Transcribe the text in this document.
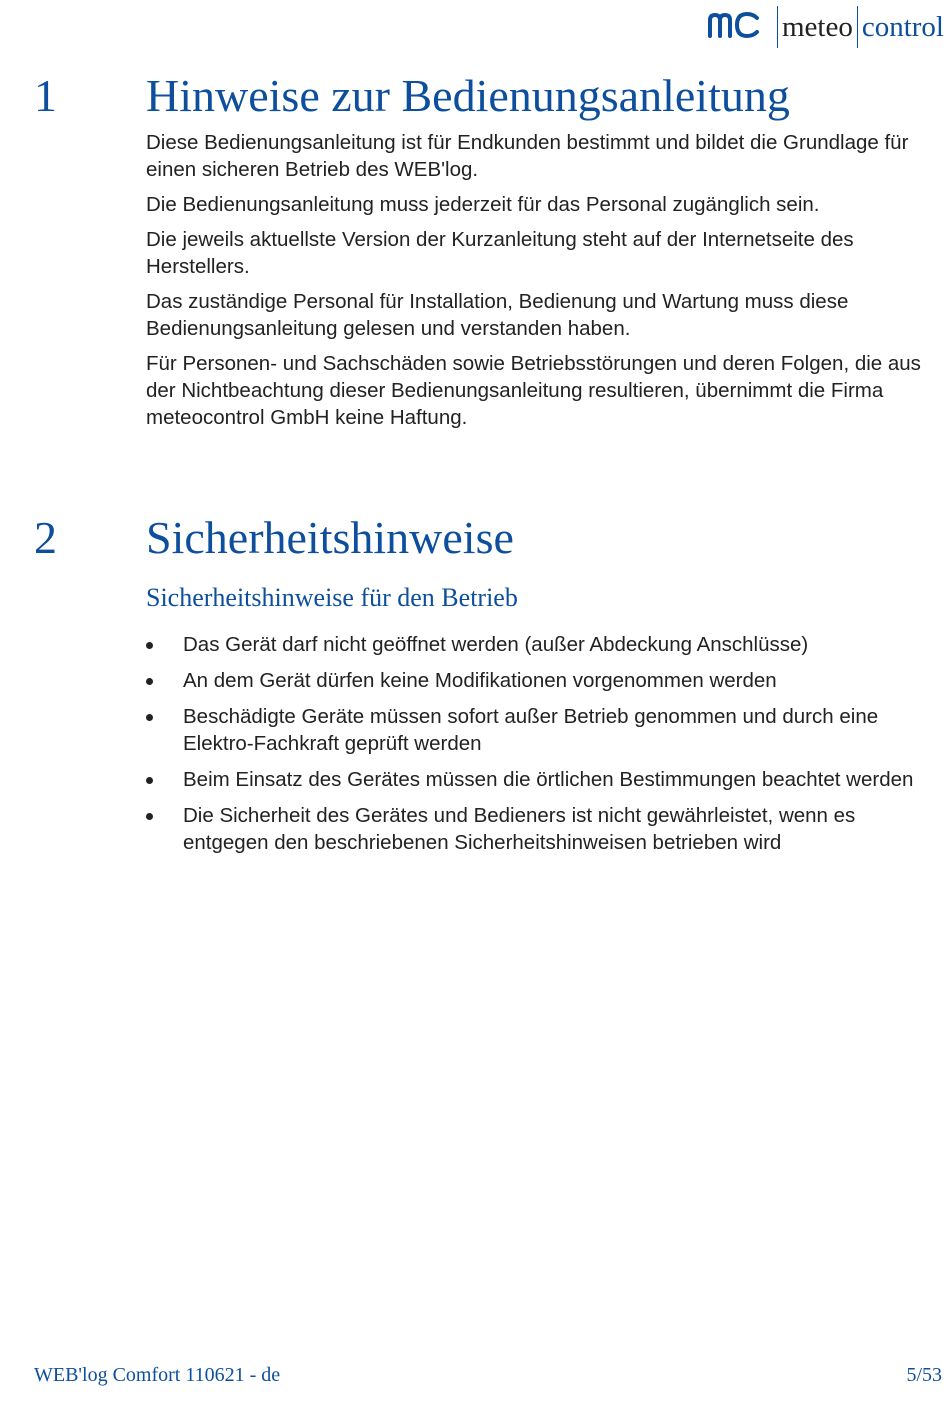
meteo control
1 Hinweise zur Bedienungsanleitung

Diese Bedienungsanleitung ist für Endkunden bestimmt und bildet die Grundlage für einen sicheren Betrieb des WEB'log.

Die Bedienungsanleitung muss jederzeit für das Personal zugänglich sein.

Die jeweils aktuellste Version der Kurzanleitung steht auf der Internetseite des Herstellers.

Das zuständige Personal für Installation, Bedienung und Wartung muss diese Bedienungsanleitung gelesen und verstanden haben.

Für Personen- und Sachschäden sowie Betriebsstörungen und deren Folgen, die aus der Nichtbeachtung dieser Bedienungsanleitung resultieren, übernimmt die Firma meteocontrol GmbH keine Haftung.

2 Sicherheitshinweise
Sicherheitshinweise für den Betrieb
Das Gerät darf nicht geöffnet werden (außer Abdeckung Anschlüsse)
An dem Gerät dürfen keine Modifikationen vorgenommen werden
Beschädigte Geräte müssen sofort außer Betrieb genommen und durch eine Elektro-Fachkraft geprüft werden
Beim Einsatz des Gerätes müssen die örtlichen Bestimmungen beachtet werden
Die Sicherheit des Gerätes und Bedieners ist nicht gewährleistet, wenn es entgegen den beschriebenen Sicherheitshinweisen betrieben wird
WEB'log Comfort 110621 - de	5/53
